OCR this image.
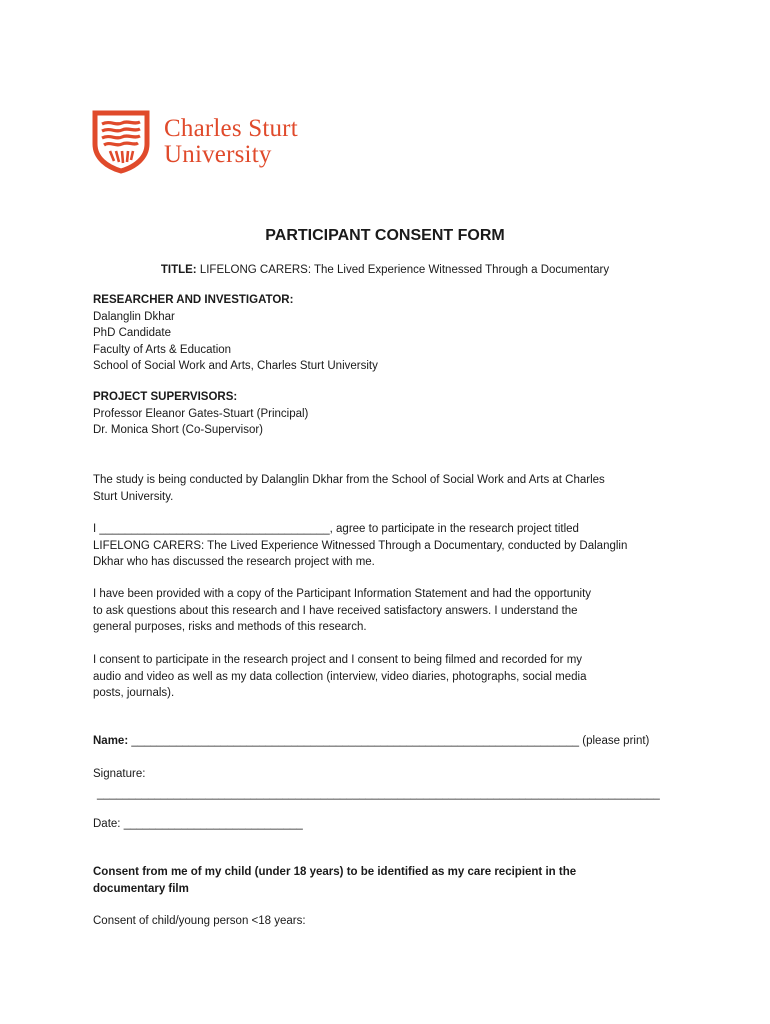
Charles Sturt
University
PARTICIPANT CONSENT FORM
TITLE: LIFELONG CARERS: The Lived Experience Witnessed Through a Documentary
RESEARCHER AND INVESTIGATOR:
Dalanglin Dkhar
PhD Candidate
Faculty of Arts & Education
School of Social Work and Arts, Charles Sturt University
PROJECT SUPERVISORS:
Professor Eleanor Gates-Stuart (Principal)
Dr. Monica Short (Co-Supervisor)
The study is being conducted by Dalanglin Dkhar from the School of Social Work and Arts at Charles
Sturt University.
I ____________________________________, agree to participate in the research project titled
LIFELONG CARERS: The Lived Experience Witnessed Through a Documentary, conducted by Dalanglin
Dkhar who has discussed the research project with me.
I have been provided with a copy of the Participant Information Statement and had the opportunity
to ask questions about this research and I have received satisfactory answers. I understand the
general purposes, risks and methods of this research.
I consent to participate in the research project and I consent to being filmed and recorded for my
audio and video as well as my data collection (interview, video diaries, photographs, social media
posts, journals).
Name: ______________________________________________________________________ (please print)
Signature:
________________________________________________________________________________________
Date: ____________________________
Consent from me of my child (under 18 years) to be identified as my care recipient in the
documentary film
Consent of child/young person <18 years:
